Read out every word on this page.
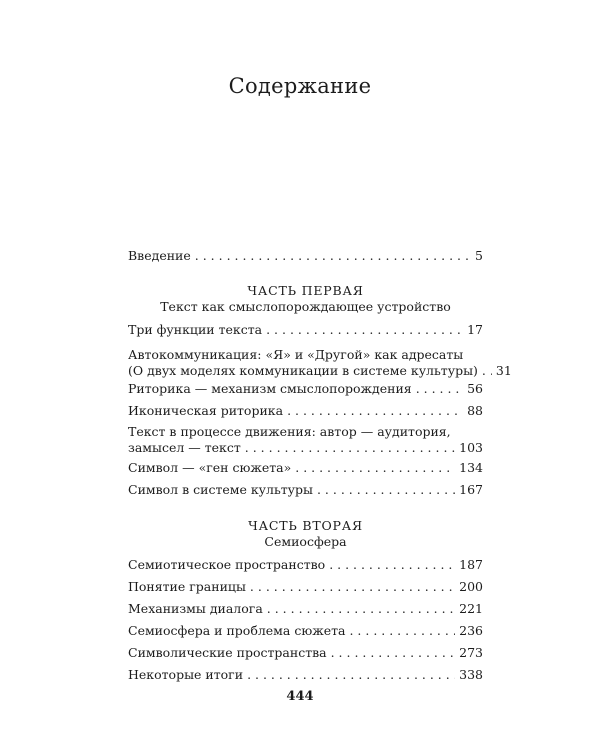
Содержание
Введение . . .	5
ЧАСТЬ ПЕРВАЯ
Текст как смыслопорождающее устройство
Три функции текста . . .	17
Автокоммуникация: «Я» и «Другой» как адресаты
(О двух моделях коммуникации в системе культуры) . . .	31
Риторика — механизм смыслопорождения . . .	56
Иконическая риторика . . .	88
Текст в процессе движения: автор — аудитория,
замысел — текст . . .	103
Символ — «ген сюжета» . . .	134
Символ в системе культуры . . .	167
ЧАСТЬ ВТОРАЯ
Семиосфера
Семиотическое пространство . . .	187
Понятие границы . . .	200
Механизмы диалога . . .	221
Семиосфера и проблема сюжета . . .	236
Символические пространства . . .	273
Некоторые итоги . . .	338
444
